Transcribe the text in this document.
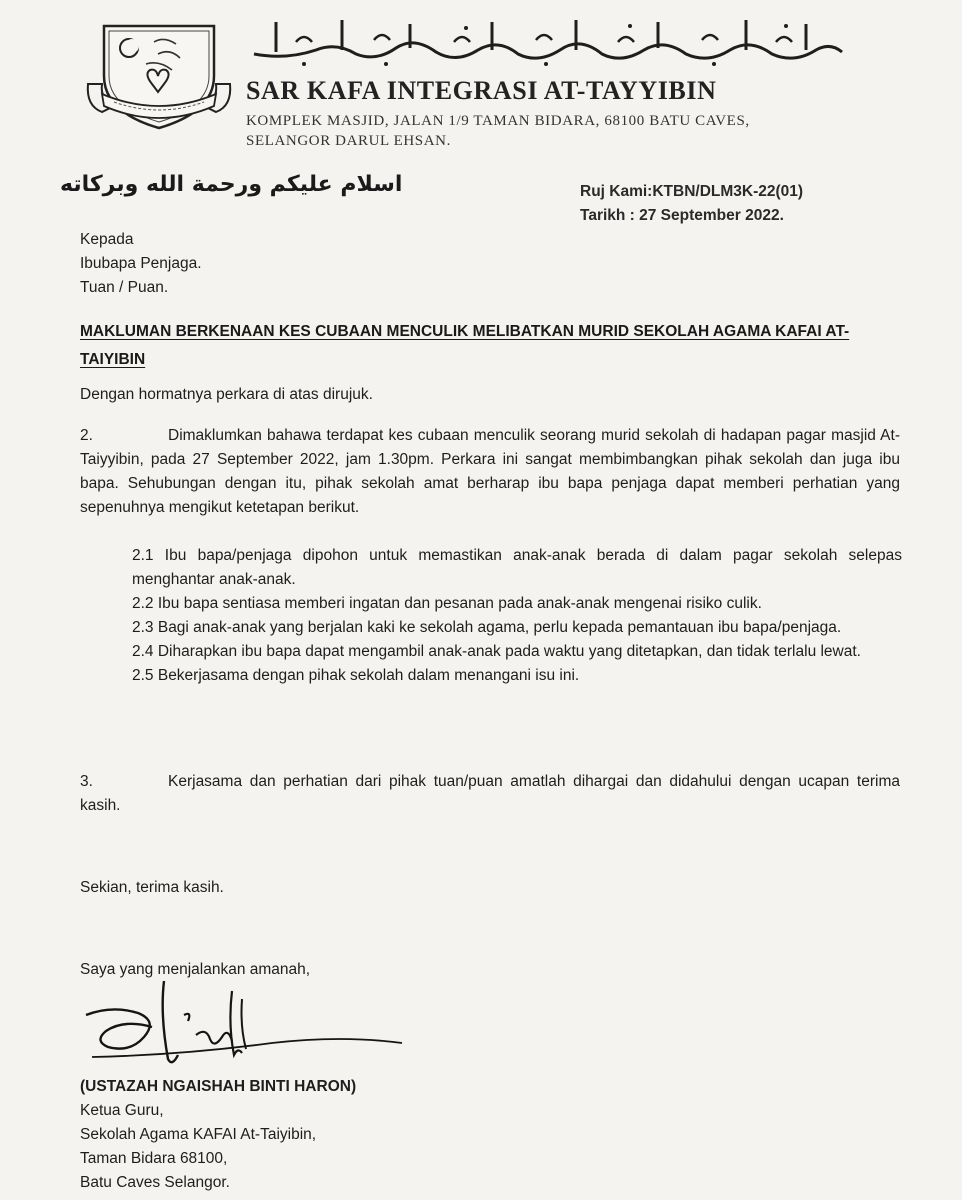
SAR KAFA INTEGRASI AT-TAYYIBIN
KOMPLEK MASJID, JALAN 1/9 TAMAN BIDARA, 68100 BATU CAVES,
SELANGOR DARUL EHSAN.
اسلام عليكم ورحمة الله وبركاته	Ruj Kami:KTBN/DLM3K-22(01)
Tarikh : 27 September 2022.
Kepada
Ibubapa Penjaga.
Tuan / Puan.
MAKLUMAN BERKENAAN KES CUBAAN MENCULIK MELIBATKAN MURID SEKOLAH AGAMA KAFAI AT-TAIYIBIN
Dengan hormatnya perkara di atas dirujuk.
2.	Dimaklumkan bahawa terdapat kes cubaan menculik seorang murid sekolah di hadapan pagar masjid At-Taiyyibin, pada 27 September 2022, jam 1.30pm. Perkara ini sangat membimbangkan pihak sekolah dan juga ibu bapa. Sehubungan dengan itu, pihak sekolah amat berharap ibu bapa penjaga dapat memberi perhatian yang sepenuhnya mengikut ketetapan berikut.
2.1 Ibu bapa/penjaga dipohon untuk memastikan anak-anak berada di dalam pagar sekolah selepas menghantar anak-anak.
2.2 Ibu bapa sentiasa memberi ingatan dan pesanan pada anak-anak mengenai risiko culik.
2.3 Bagi anak-anak yang berjalan kaki ke sekolah agama, perlu kepada pemantauan ibu bapa/penjaga.
2.4 Diharapkan ibu bapa dapat mengambil anak-anak pada waktu yang ditetapkan, dan tidak terlalu lewat.
2.5 Bekerjasama dengan pihak sekolah dalam menangani isu ini.
3.	Kerjasama dan perhatian dari pihak tuan/puan amatlah dihargai dan didahului dengan ucapan terima kasih.
Sekian, terima kasih.
Saya yang menjalankan amanah,
(USTAZAH NGAISHAH BINTI HARON)
Ketua Guru,
Sekolah Agama KAFAI At-Taiyibin,
Taman Bidara 68100,
Batu Caves Selangor.
